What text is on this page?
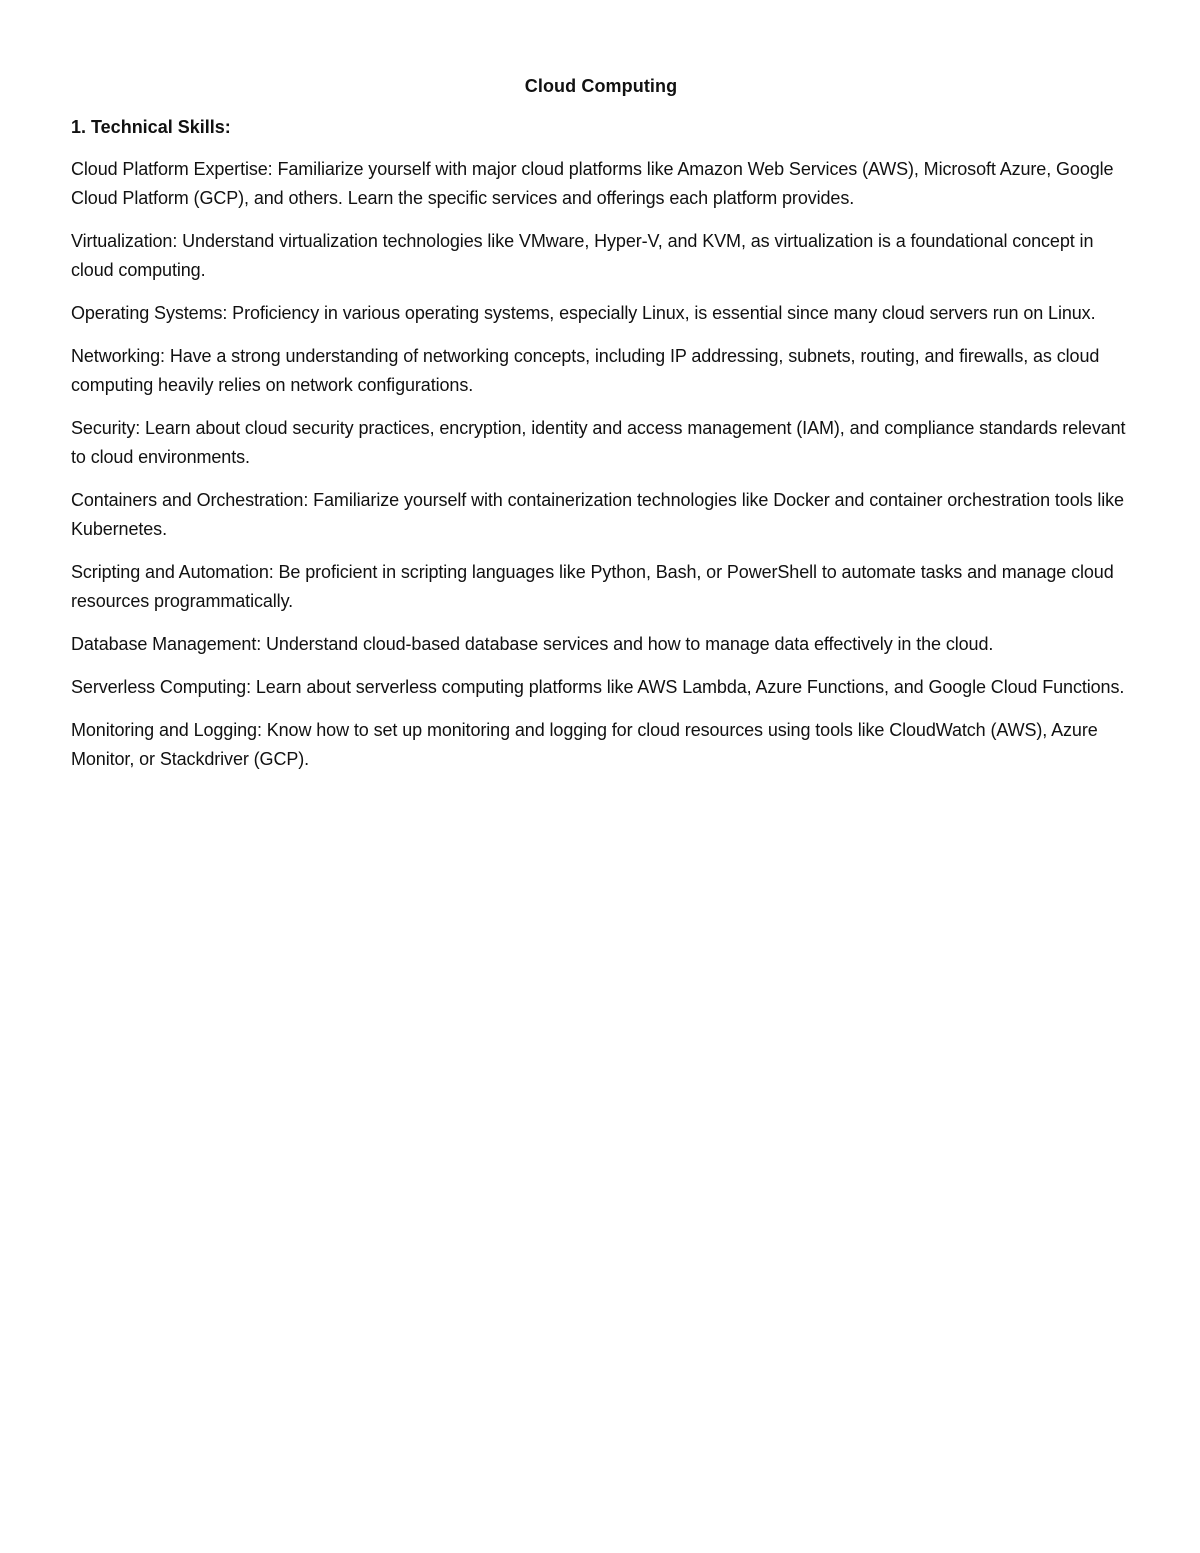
Cloud Computing
1. Technical Skills:

Cloud Platform Expertise: Familiarize yourself with major cloud platforms like Amazon Web Services (AWS), Microsoft Azure, Google Cloud Platform (GCP), and others. Learn the specific services and offerings each platform provides.

Virtualization: Understand virtualization technologies like VMware, Hyper-V, and KVM, as virtualization is a foundational concept in cloud computing.

Operating Systems: Proficiency in various operating systems, especially Linux, is essential since many cloud servers run on Linux.

Networking: Have a strong understanding of networking concepts, including IP addressing, subnets, routing, and firewalls, as cloud computing heavily relies on network configurations.

Security: Learn about cloud security practices, encryption, identity and access management (IAM), and compliance standards relevant to cloud environments.

Containers and Orchestration: Familiarize yourself with containerization technologies like Docker and container orchestration tools like Kubernetes.

Scripting and Automation: Be proficient in scripting languages like Python, Bash, or PowerShell to automate tasks and manage cloud resources programmatically.

Database Management: Understand cloud-based database services and how to manage data effectively in the cloud.

Serverless Computing: Learn about serverless computing platforms like AWS Lambda, Azure Functions, and Google Cloud Functions.

Monitoring and Logging: Know how to set up monitoring and logging for cloud resources using tools like CloudWatch (AWS), Azure Monitor, or Stackdriver (GCP).
